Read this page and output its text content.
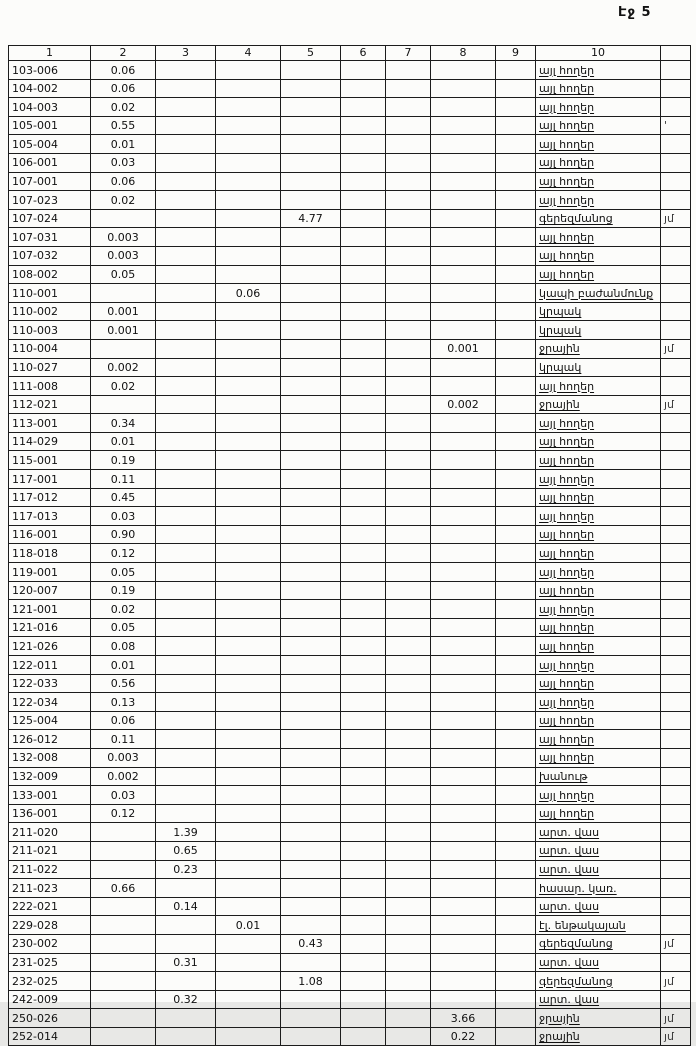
Էջ 5
1	2	3	4	5	6	7	8	9	10	
103-006	0.06								այլ հողեր	
104-002	0.06								այլ հողեր	
104-003	0.02								այլ հողեր	
105-001	0.55								այլ հողեր	'
105-004	0.01								այլ հողեր	
106-001	0.03								այլ հողեր	
107-001	0.06								այլ հողեր	
107-023	0.02								այլ հողեր	
107-024				4.77					գերեզմանոց	յմ
107-031	0.003								այլ հողեր	
107-032	0.003								այլ հողեր	
108-002	0.05								այլ հողեր	
110-001			0.06						կապի բաժանմունք	
110-002	0.001								կրպակ	
110-003	0.001								կրպակ	
110-004							0.001		ջրային	յմ
110-027	0.002								կրպակ	
111-008	0.02								այլ հողեր	
112-021							0.002		ջրային	յմ
113-001	0.34								այլ հողեր	
114-029	0.01								այլ հողեր	
115-001	0.19								այլ հողեր	
117-001	0.11								այլ հողեր	
117-012	0.45								այլ հողեր	
117-013	0.03								այլ հողեր	
116-001	0.90								այլ հողեր	
118-018	0.12								այլ հողեր	
119-001	0.05								այլ հողեր	
120-007	0.19								այլ հողեր	
121-001	0.02								այլ հողեր	
121-016	0.05								այլ հողեր	
121-026	0.08								այլ հողեր	
122-011	0.01								այլ հողեր	
122-033	0.56								այլ հողեր	
122-034	0.13								այլ հողեր	
125-004	0.06								այլ հողեր	
126-012	0.11								այլ հողեր	
132-008	0.003								այլ հողեր	
132-009	0.002								խանութ	
133-001	0.03								այլ հողեր	
136-001	0.12								այլ հողեր	
211-020		1.39							արտ. վաս	
211-021		0.65							արտ. վաս	
211-022		0.23							արտ. վաս	
211-023	0.66								հասար. կառ.	
222-021		0.14							արտ. վաս	
229-028			0.01						էլ. ենթակայան	
230-002				0.43					գերեզմանոց	յմ
231-025		0.31							արտ. վաս	
232-025				1.08					գերեզմանոց	յմ
242-009		0.32							արտ. վաս	
250-026							3.66		ջրային	յմ
252-014							0.22		ջրային	յմ
